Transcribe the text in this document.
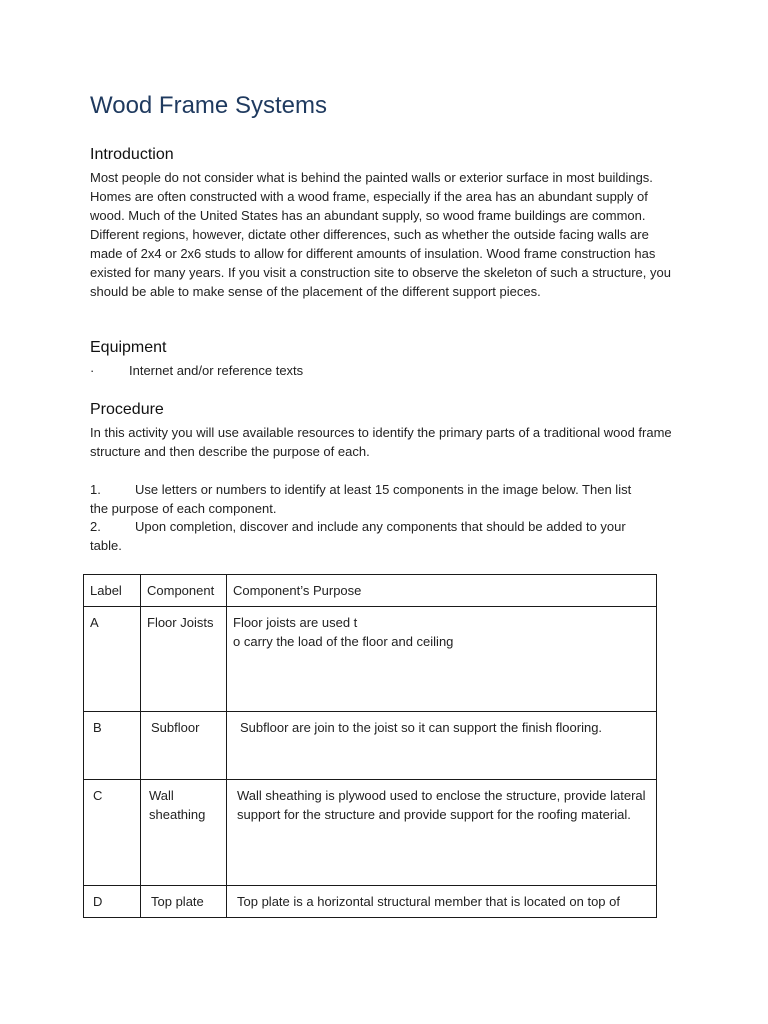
Wood Frame Systems
Introduction

Most people do not consider what is behind the painted walls or exterior surface in most buildings. Homes are often constructed with a wood frame, especially if the area has an abundant supply of wood. Much of the United States has an abundant supply, so wood frame buildings are common. Different regions, however, dictate other differences, such as whether the outside facing walls are made of 2x4 or 2x6 studs to allow for different amounts of insulation. Wood frame construction has existed for many years. If you visit a construction site to observe the skeleton of such a structure, you should be able to make sense of the placement of the different support pieces.

Equipment
·	Internet and/or reference texts
Procedure

In this activity you will use available resources to identify the primary parts of a traditional wood frame structure and then describe the purpose of each.

1.	Use letters or numbers to identify at least 15 components in the image below. Then list
the purpose of each component.
2.	Upon completion, discover and include any components that should be added to your
table.
Label	Component	Component’s Purpose
A	Floor Joists	Floor joists are used t
o carry the load of the floor and ceiling

B	Subfloor	Subfloor are join to the joist so it can support the finish flooring.
C	Wall
sheathing	Wall sheathing is plywood used to enclose the structure, provide lateral support for the structure and provide support for the roofing material.
D	Top plate	Top plate is a horizontal structural member that is located on top of
